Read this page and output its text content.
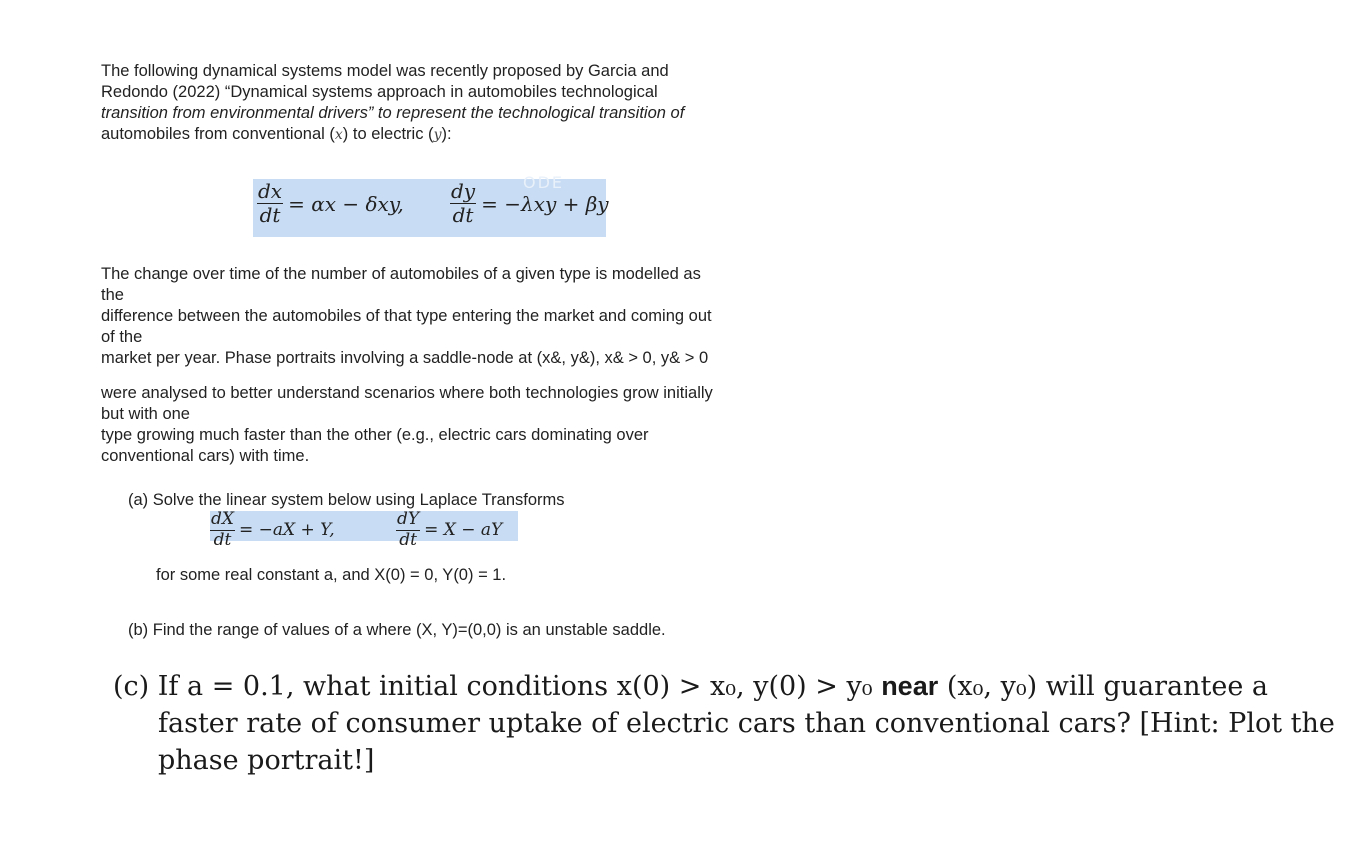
The following dynamical systems model was recently proposed by Garcia and
Redondo (2022) “Dynamical systems approach in automobiles technological
transition from environmental drivers” to represent the technological transition of
automobiles from conventional (x) to electric (y):
ODE
$\frac{dx}{dt} = \alpha x - \delta xy$, $\frac{dy}{dt} = -\lambda xy + \beta y$
The change over time of the number of automobiles of a given type is modelled as
the
difference between the automobiles of that type entering the market and coming out
of the
market per year. Phase portraits involving a saddle-node at (x&, y&), x& > 0, y& > 0
were analysed to better understand scenarios where both technologies grow initially
but with one
type growing much faster than the other (e.g., electric cars dominating over
conventional cars) with time.
(a) Solve the linear system below using Laplace Transforms
$\frac{dX}{dt} = -aX + Y$,	$\frac{dY}{dt} = X$ − aY
for some real constant a, and X(0) = 0, Y(0) = 1.
(b) Find the range of values of a where (X, Y)=(0,0) is an unstable saddle.
(c) If a = 0.1, what initial conditions x(0) > x₀, y(0) > y₀ near (x₀, y₀) will guarantee a
faster rate of consumer uptake of electric cars than conventional cars? [Hint: Plot the
phase portrait!]
